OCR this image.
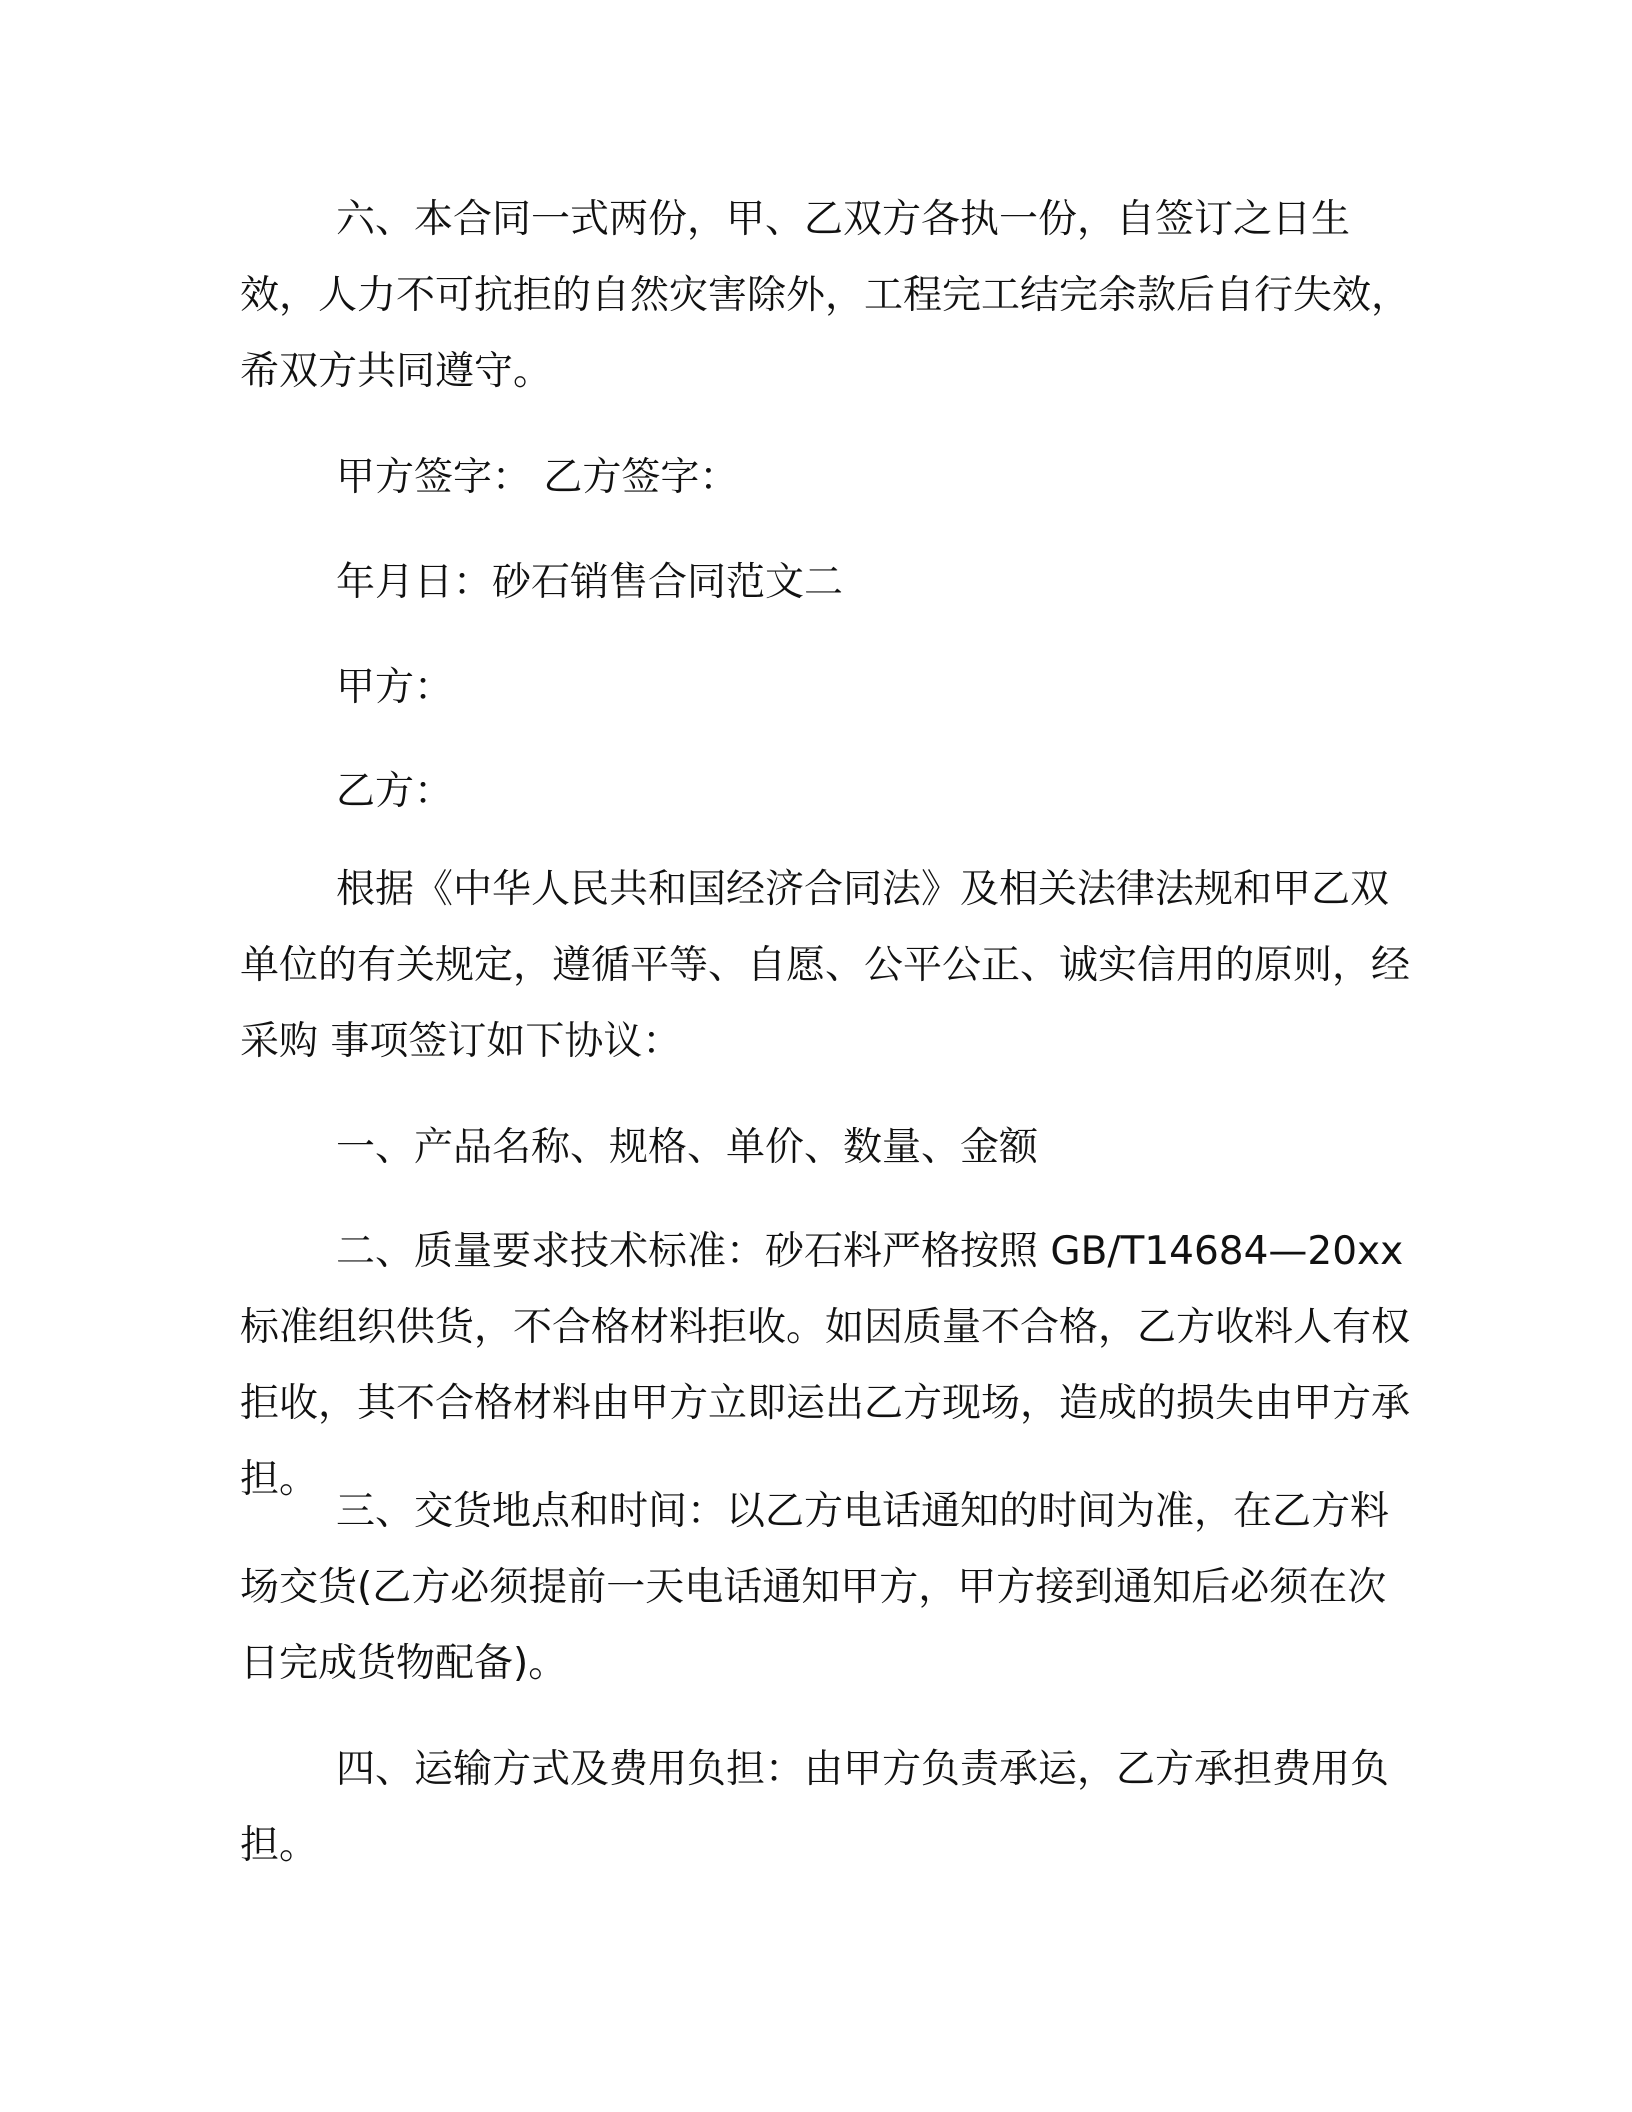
六、本合同一式两份，甲、乙双方各执一份，自签订之日生效，人力不可抗拒的自然灾害除外，工程完工结完余款后自行失效，希双方共同遵守。

甲方签字： 乙方签字：

年月日：砂石销售合同范文二

甲方：

乙方：

根据《中华人民共和国经济合同法》及相关法律法规和甲乙双单位的有关规定，遵循平等、自愿、公平公正、诚实信用的原则，经采购 事项签订如下协议：

一、产品名称、规格、单价、数量、金额

二、质量要求技术标准：砂石料严格按照 GB/T14684—20xx 标准组织供货，不合格材料拒收。如因质量不合格，乙方收料人有权拒收，其不合格材料由甲方立即运出乙方现场，造成的损失由甲方承担。

三、交货地点和时间：以乙方电话通知的时间为准，在乙方料场交货(乙方必须提前一天电话通知甲方，甲方接到通知后必须在次日完成货物配备)。

四、运输方式及费用负担：由甲方负责承运，乙方承担费用负担。
